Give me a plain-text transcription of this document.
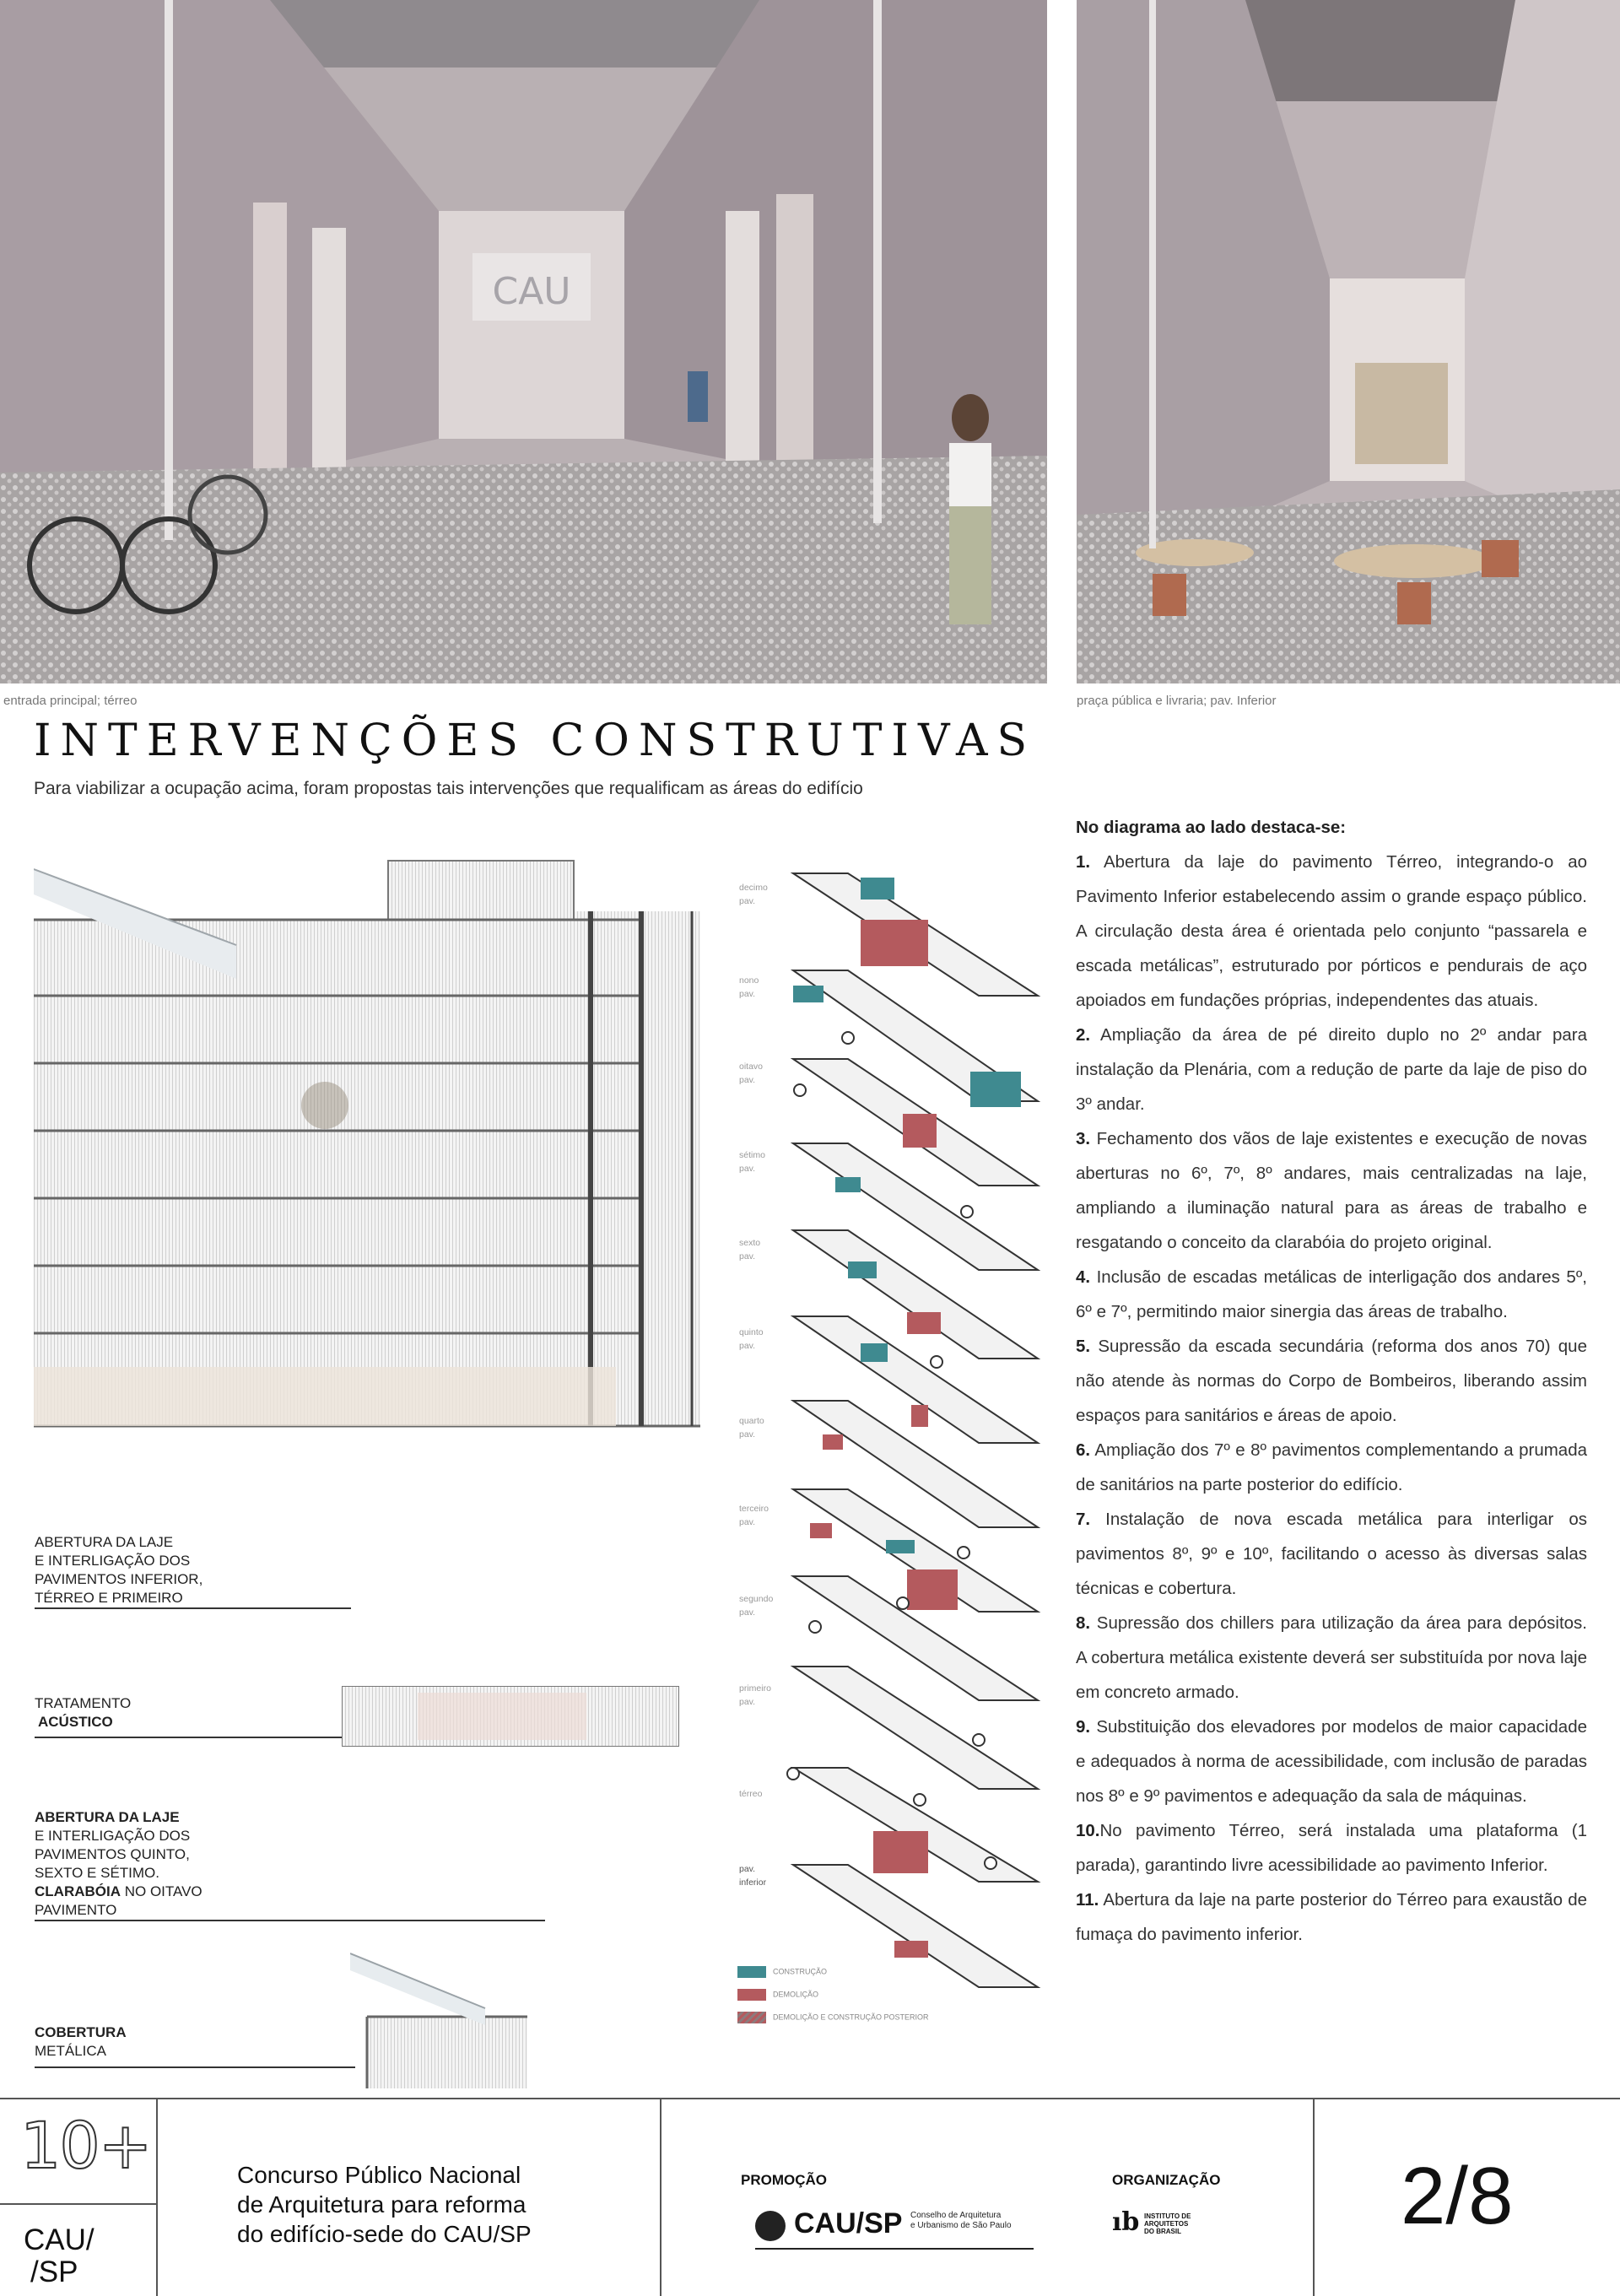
CAU
entrada principal; térreo	praça pública e livraria; pav. Inferior
INTERVENÇÕES CONSTRUTIVAS

Para viabilizar a ocupação acima, foram propostas tais intervenções que requalificam as áreas do edifício

ABERTURA DA LAJE
E INTERLIGAÇÃO DOS
PAVIMENTOS INFERIOR,
TÉRREO E PRIMEIRO
TRATAMENTO
ACÚSTICO
ABERTURA DA LAJE
E INTERLIGAÇÃO DOS
PAVIMENTOS QUINTO,
SEXTO E SÉTIMO.
CLARABÓIA NO OITAVO
PAVIMENTO
COBERTURA
METÁLICA
decimo
pav.
nono
pav.
oitavo
pav.
sétimo
pav.
sexto
pav.
quinto
pav.
quarto
pav.
terceiro
pav.
segundo
pav.
primeiro
pav.
térreo
pav.
inferior
CONSTRUÇÃO
DEMOLIÇÃO
DEMOLIÇÃO E CONSTRUÇÃO POSTERIOR

No diagrama ao lado destaca-se:

1. Abertura da laje do pavimento Térreo, integrando-o ao Pavimento Inferior estabelecendo assim o grande espaço público. A circulação desta área é orientada pelo conjunto “passarela e escada metálicas”, estruturado por pórticos e pendurais de aço apoiados em fundações próprias, independentes das atuais.

2. Ampliação da área de pé direito duplo no 2º andar para instalação da Plenária, com a redução de parte da laje de piso do 3º andar.

3. Fechamento dos vãos de laje existentes e execução de novas aberturas no 6º, 7º, 8º andares, mais centralizadas na laje, ampliando a iluminação natural para as áreas de trabalho e resgatando o conceito da clarabóia do projeto original.

4. Inclusão de escadas metálicas de interligação dos andares 5º, 6º e 7º, permitindo maior sinergia das áreas de trabalho.

5. Supressão da escada secundária (reforma dos anos 70) que não atende às normas do Corpo de Bombeiros, liberando assim espaços para sanitários e áreas de apoio.

6. Ampliação dos 7º e 8º pavimentos complementando a prumada de sanitários na parte posterior do edifício.

7. Instalação de nova escada metálica para interligar os pavimentos 8º, 9º e 10º, facilitando o acesso às diversas salas técnicas e cobertura.

8. Supressão dos chillers para utilização da área para depósitos. A cobertura metálica existente deverá ser substituída por nova laje em concreto armado.

9. Substituição dos elevadores por modelos de maior capacidade e adequados à norma de acessibilidade, com inclusão de paradas nos 8º e 9º pavimentos e adequação da sala de máquinas.

10.No pavimento Térreo, será instalada uma plataforma (1 parada), garantindo livre acessibilidade ao pavimento Inferior.

11. Abertura da laje na parte posterior do Térreo para exaustão de fumaça do pavimento inferior.

10+
CAU/
/SP
Concurso Público Nacional
de Arquitetura para reforma
do edifício-sede do CAU/SP
PROMOÇÃO
CAU/SP Conselho de Arquitetura
e Urbanismo de São Paulo
ORGANIZAÇÃO
ıb INSTITUTO DE
ARQUITETOS
DO BRASIL	2/8
